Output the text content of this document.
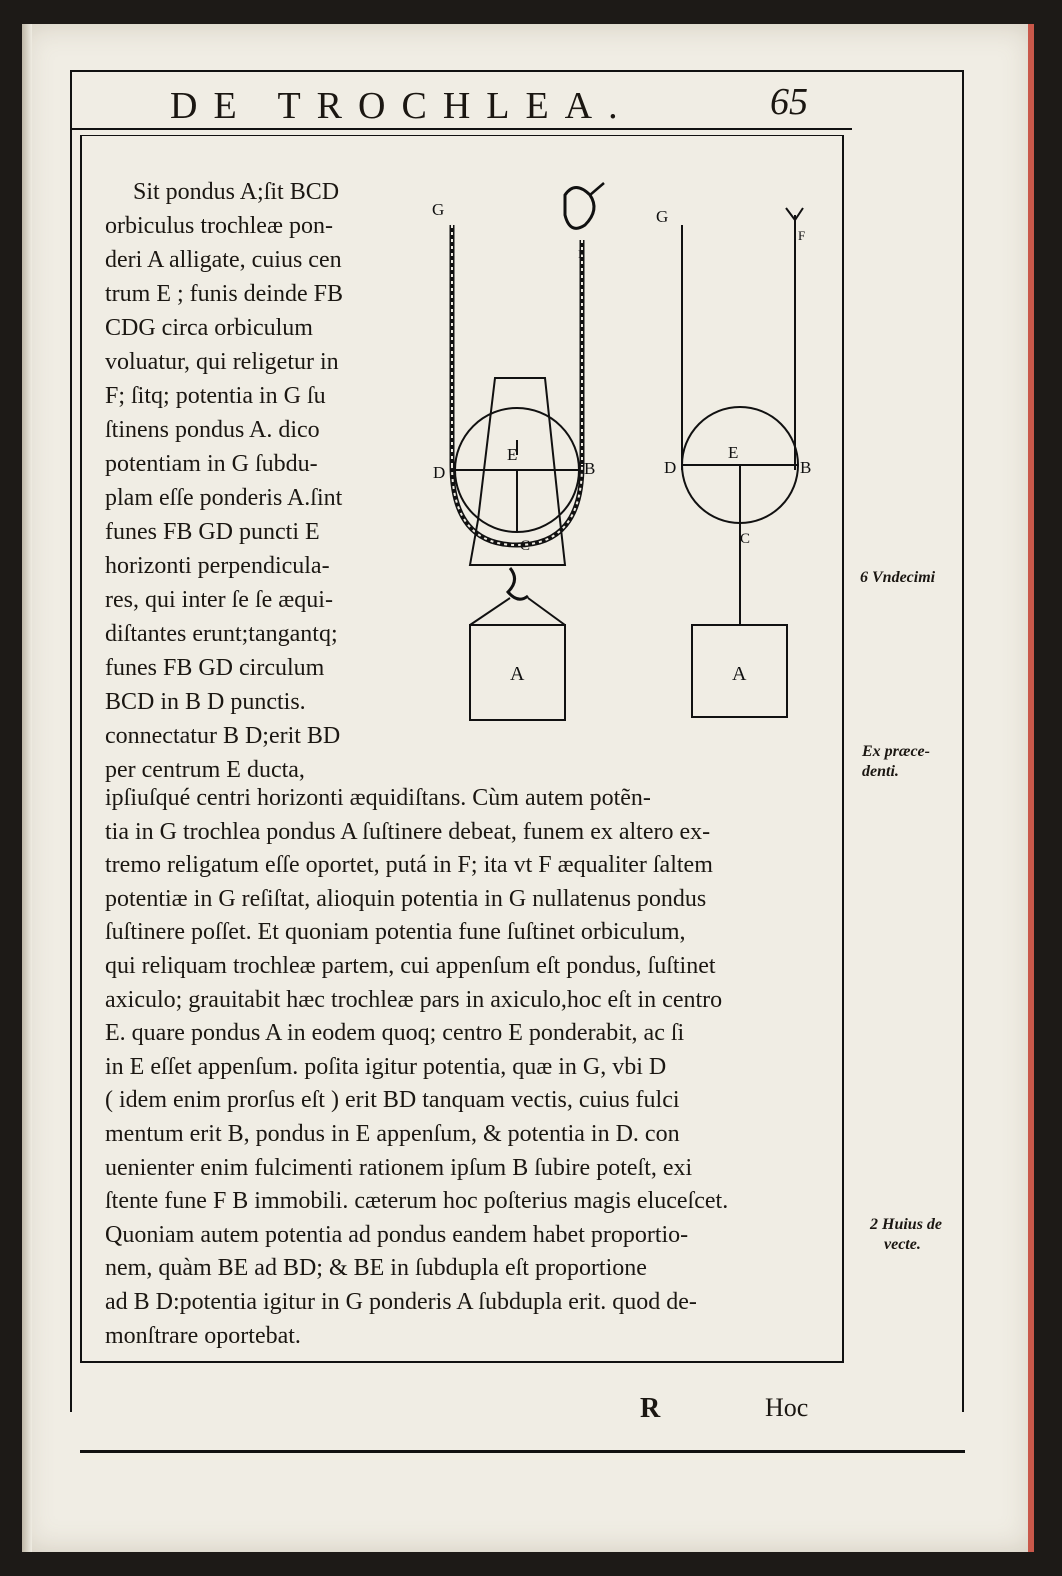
DE TROCHLEA.	65
G
F
E
D	B
C
A
G
F
E
D	B
C
A
Sit pondus A;ſit BCD
orbiculus trochleæ pon-
deri A alligate, cuius cen
trum E ; funis deinde FB
CDG circa orbiculum
voluatur, qui religetur in
F; ſitq; potentia in G ſu
ſtinens pondus A. dico
potentiam in G ſubdu-
plam eſſe ponderis A.ſint
funes FB GD puncti E
horizonti perpendicula-
res, qui inter ſe ſe æqui-
diſtantes erunt;tangantq;
funes FB GD circulum
BCD in B D punctis.
connectatur B D;erit BD
per centrum E ducta,
ipſiuſqué centri horizonti æquidiſtans. Cùm autem potẽn-
tia in G trochlea pondus A ſuſtinere debeat, funem ex altero ex-
tremo religatum eſſe oportet, putá in F; ita vt F æqualiter ſaltem
potentiæ in G reſiſtat, alioquin potentia in G nullatenus pondus
ſuſtinere poſſet. Et quoniam potentia fune ſuſtinet orbiculum,
qui reliquam trochleæ partem, cui appenſum eſt pondus, ſuſtinet
axiculo; grauitabit hæc trochleæ pars in axiculo,hoc eſt in centro
E. quare pondus A in eodem quoq; centro E ponderabit, ac ſi
in E eſſet appenſum. poſita igitur potentia, quæ in G, vbi D
( idem enim prorſus eſt ) erit BD tanquam vectis, cuius fulci
mentum erit B, pondus in E appenſum, & potentia in D. con
uenienter enim fulcimenti rationem ipſum B ſubire poteſt, exi
ſtente fune F B immobili. cæterum hoc poſterius magis eluceſcet.
Quoniam autem potentia ad pondus eandem habet proportio-
nem, quàm BE ad BD; & BE in ſubdupla eſt proportione
ad B D:potentia igitur in G ponderis A ſubdupla erit. quod de-
monſtrare oportebat.
6 Vndecimi
Ex præce-
denti.
2 Huius de
vecte.
R	Hoc
